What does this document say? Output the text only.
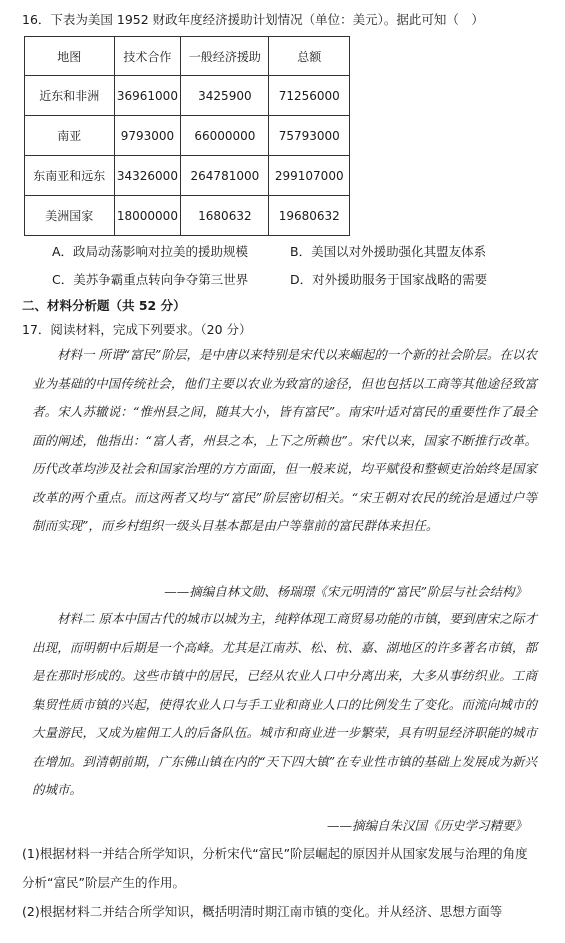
16．下表为美国 1952 财政年度经济援助计划情况（单位：美元）。据此可知（　）
地图	技术合作	一般经济援助	总额
近东和非洲	36961000	3425900	71256000
南亚	9793000	66000000	75793000
东南亚和远东	34326000	264781000	299107000
美洲国家	18000000	1680632	19680632
A．政局动荡影响对拉美的援助规模	B．美国以对外援助强化其盟友体系
C．美苏争霸重点转向争夺第三世界	D．对外援助服务于国家战略的需要
二、材料分析题（共 52 分）
17．阅读材料，完成下列要求。（20 分）
材料一 所谓“富民”阶层，是中唐以来特别是宋代以来崛起的一个新的社会阶层。在以农业为基础的中国传统社会，他们主要以农业为致富的途径，但也包括以工商等其他途径致富者。宋人苏辙说：“惟州县之间，随其大小，皆有富民”。南宋叶适对富民的重要性作了最全面的阐述，他指出：“富人者，州县之本，上下之所赖也”。宋代以来，国家不断推行改革。历代改革均涉及社会和国家治理的方方面面，但一般来说，均平赋役和整顿吏治始终是国家改革的两个重点。而这两者又均与“富民”阶层密切相关。“宋王朝对农民的统治是通过户等制而实现”，而乡村组织一级头目基本都是由户等靠前的富民群体来担任。
——摘编自林文勋、杨瑞璟《宋元明清的“富民”阶层与社会结构》
材料二 原本中国古代的城市以城为主，纯粹体现工商贸易功能的市镇，要到唐宋之际才出现，而明朝中后期是一个高峰。尤其是江南苏、松、杭、嘉、湖地区的许多著名市镇，都是在那时形成的。这些市镇中的居民，已经从农业人口中分离出来，大多从事纺织业。工商集贸性质市镇的兴起，使得农业人口与手工业和商业人口的比例发生了变化。而流向城市的大量游民，又成为雇佣工人的后备队伍。城市和商业进一步繁荣，具有明显经济职能的城市在增加。到清朝前期，广东佛山镇在内的“天下四大镇”在专业性市镇的基础上发展成为新兴的城市。
——摘编自朱汉国《历史学习精要》
(1)根据材料一并结合所学知识，分析宋代“富民”阶层崛起的原因并从国家发展与治理的角度分析“富民”阶层产生的作用。
(2)根据材料二并结合所学知识，概括明清时期江南市镇的变化。并从经济、思想方面等
